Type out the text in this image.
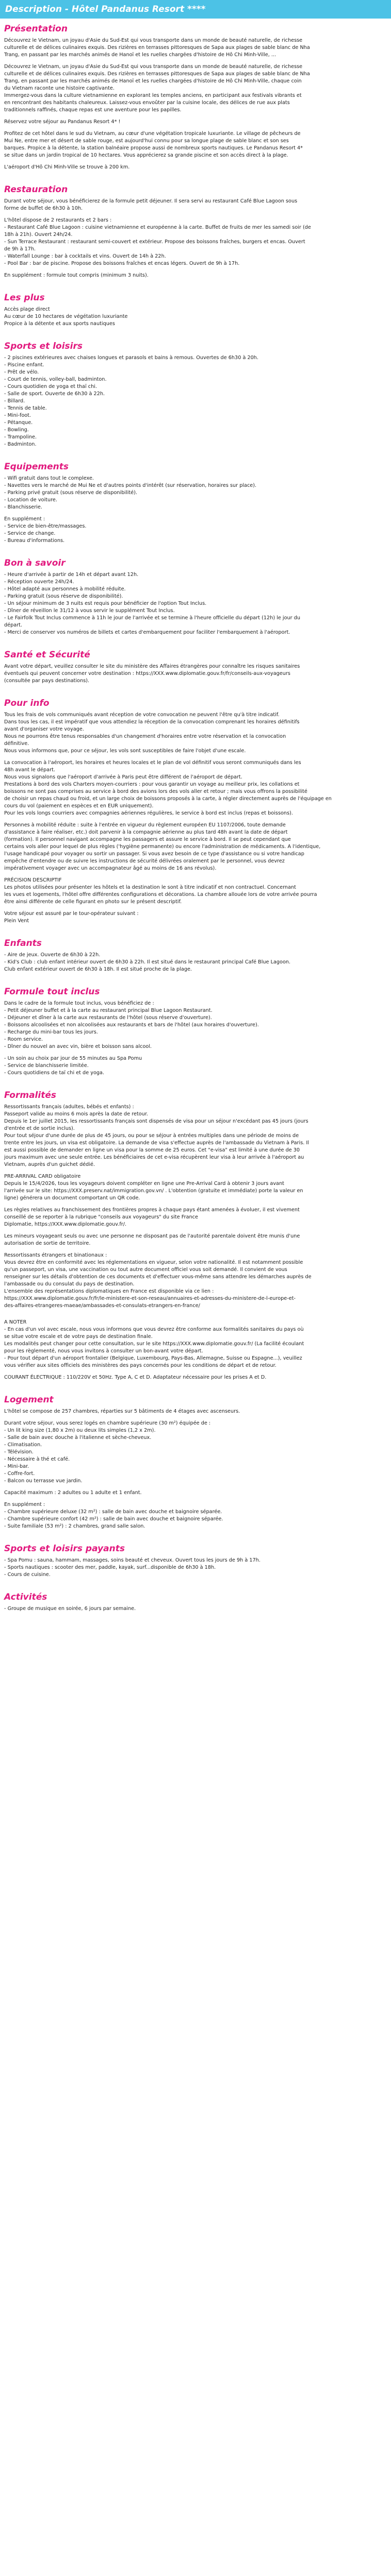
Description - Hôtel Pandanus Resort ****
Présentation

Découvrez le Vietnam, un joyau d'Asie du Sud-Est qui vous transporte dans un monde de beauté naturelle, de richesse

culturelle et de délices culinaires exquis. Des rizières en terrasses pittoresques de Sapa aux plages de sable blanc de Nha

Trang, en passant par les marchés animés de Hanoï et les ruelles chargées d'histoire de Hô Chi Minh-Ville, ...

Découvrez le Vietnam, un joyau d'Asie du Sud-Est qui vous transporte dans un monde de beauté naturelle, de richesse

culturelle et de délices culinaires exquis. Des rizières en terrasses pittoresques de Sapa aux plages de sable blanc de Nha

Trang, en passant par les marchés animés de Hanoï et les ruelles chargées d'histoire de Hô Chi Minh-Ville, chaque coin

du Vietnam raconte une histoire captivante.

Immergez-vous dans la culture vietnamienne en explorant les temples anciens, en participant aux festivals vibrants et

en rencontrant des habitants chaleureux. Laissez-vous envoûter par la cuisine locale, des délices de rue aux plats

traditionnels raffinés, chaque repas est une aventure pour les papilles.

Réservez votre séjour au Pandanus Resort 4* !

Profitez de cet hôtel dans le sud du Vietnam, au cœur d'une végétation tropicale luxuriante. Le village de pêcheurs de

Mui Ne, entre mer et désert de sable rouge, est aujourd'hui connu pour sa longue plage de sable blanc et son ses

barques. Propice à la détente, la station balnéaire propose aussi de nombreux sports nautiques. Le Pandanus Resort 4*

se situe dans un jardin tropical de 10 hectares. Vous apprécierez sa grande piscine et son accès direct à la plage.

L'aéroport d'Hô Chi Minh-Ville se trouve à 200 km.

Restauration

Durant votre séjour, vous bénéficierez de la formule petit déjeuner. Il sera servi au restaurant Café Blue Lagoon sous

forme de buffet de 6h30 à 10h.

L'hôtel dispose de 2 restaurants et 2 bars :

- Restaurant Café Blue Lagoon : cuisine vietnamienne et européenne à la carte. Buffet de fruits de mer les samedi soir (de

18h à 21h). Ouvert 24h/24.

- Sun Terrace Restaurant : restaurant semi-couvert et extérieur. Propose des boissons fraîches, burgers et encas. Ouvert

de 9h à 17h.

- Waterfall Lounge : bar à cocktails et vins. Ouvert de 14h à 22h.

- Pool Bar : bar de piscine. Propose des boissons fraîches et encas légers. Ouvert de 9h à 17h.

En supplément : formule tout compris (minimum 3 nuits).

Les plus

Accès plage direct

Au cœur de 10 hectares de végétation luxuriante

Propice à la détente et aux sports nautiques

Sports et loisirs

- 2 piscines extérieures avec chaises longues et parasols et bains à remous. Ouvertes de 6h30 à 20h.

- Piscine enfant.

- Prêt de vélo.

- Court de tennis, volley-ball, badminton.

- Cours quotidien de yoga et thaï chi.

- Salle de sport. Ouverte de 6h30 à 22h.

- Billard.

- Tennis de table.

- Mini-foot.

- Pétanque.

- Bowling.

- Trampoline.

- Badminton.

Equipements

- Wifi gratuit dans tout le complexe.

- Navettes vers le marché de Mui Ne et d'autres points d'intérêt (sur réservation, horaires sur place).

- Parking privé gratuit (sous réserve de disponibilité).

- Location de voiture.

- Blanchisserie.

En supplément :

- Service de bien-être/massages.

- Service de change.

- Bureau d'informations.

Bon à savoir

- Heure d'arrivée à partir de 14h et départ avant 12h.

- Réception ouverte 24h/24.

- Hôtel adapté aux personnes à mobilité réduite.

- Parking gratuit (sous réserve de disponibilité).

- Un séjour minimum de 3 nuits est requis pour bénéficier de l'option Tout Inclus.

- Dîner de réveillon le 31/12 à vous servir le supplément Tout Inclus.

- Le Fairfolk Tout Inclus commence à 11h le jour de l'arrivée et se termine à l'heure officielle du départ (12h) le jour du

départ.

- Merci de conserver vos numéros de billets et cartes d'embarquement pour faciliter l'embarquement à l'aéroport.

Santé et Sécurité

Avant votre départ, veuillez consulter le site du ministère des Affaires étrangères pour connaître les risques sanitaires

éventuels qui peuvent concerner votre destination : https://XXX.www.diplomatie.gouv.fr/fr/conseils-aux-voyageurs

(consultée par pays destinations).

Pour info

Tous les frais de vols communiqués avant réception de votre convocation ne peuvent l'être qu'à titre indicatif.

Dans tous les cas, il est impératif que vous attendiez la réception de la convocation comprenant les horaires définitifs

avant d'organiser votre voyage.

Nous ne pourrons être tenus responsables d'un changement d'horaires entre votre réservation et la convocation

définitive.

Nous vous informons que, pour ce séjour, les vols sont susceptibles de faire l'objet d'une escale.

La convocation à l'aéroport, les horaires et heures locales et le plan de vol définitif vous seront communiqués dans les

48h avant le départ.

Nous vous signalons que l'aéroport d'arrivée à Paris peut être différent de l'aéroport de départ.

Prestations à bord des vols Charters moyen-courriers : pour vous garantir un voyage au meilleur prix, les collations et

boissons ne sont pas comprises au service à bord des avions lors des vols aller et retour ; mais vous offrons la possibilité

de choisir un repas chaud ou froid, et un large choix de boissons proposés à la carte, à régler directement auprès de l'équipage en

cours du vol (paiement en espèces et en EUR uniquement).

Pour les vols longs courriers avec compagnies aériennes régulières, le service à bord est inclus (repas et boissons).

Personnes à mobilité réduite : suite à l'entrée en vigueur du règlement européen EU 1107/2006, toute demande

d'assistance à faire réaliser, etc.) doit parvenir à la compagnie aérienne au plus tard 48h avant la date de départ

(formation). Il personnel navigant accompagne les passagers et assure le service à bord. Il se peut cependant que

certains vols aller pour lequel de plus règles ('hygiène permanente) ou encore l'administration de médicaments. A l'identique,

l'usage handicapé pour voyager ou sortir un passager. Si vous avez besoin de ce type d'assistance ou si votre handicap

empêche d'entendre ou de suivre les instructions de sécurité délivrées oralement par le personnel, vous devrez

impérativement voyager avec un accompagnateur âgé au moins de 16 ans révolus).

PRÉCISION DESCRIPTIF

Les photos utilisées pour présenter les hôtels et la destination le sont à titre indicatif et non contractuel. Concernant

les vues et logements, l'hôtel offre différentes configurations et décorations. La chambre allouée lors de votre arrivée pourra

être ainsi différente de celle figurant en photo sur le présent descriptif.

Votre séjour est assuré par le tour-opérateur suivant :

Plein Vent

Enfants

- Aire de jeux. Ouverte de 6h30 à 22h.

- Kid's Club : club enfant intérieur ouvert de 6h30 à 22h. Il est situé dans le restaurant principal Café Blue Lagoon.

Club enfant extérieur ouvert de 6h30 à 18h. Il est situé proche de la plage.

Formule tout inclus

Dans le cadre de la formule tout inclus, vous bénéficiez de :

- Petit déjeuner buffet et à la carte au restaurant principal Blue Lagoon Restaurant.

- Déjeuner et dîner à la carte aux restaurants de l'hôtel (sous réserve d'ouverture).

- Boissons alcoolisées et non alcoolisées aux restaurants et bars de l'hôtel (aux horaires d'ouverture).

- Recharge du mini-bar tous les jours.

- Room service.

- Dîner du nouvel an avec vin, bière et boisson sans alcool.

- Un soin au choix par jour de 55 minutes au Spa Pomu

- Service de blanchisserie limitée.

- Cours quotidiens de taï chi et de yoga.

Formalités

Ressortissants français (adultes, bébés et enfants) :

Passeport valide au moins 6 mois après la date de retour.

Depuis le 1er juillet 2015, les ressortissants français sont dispensés de visa pour un séjour n'excédant pas 45 jours (jours

d'entrée et de sortie inclus).

Pour tout séjour d'une durée de plus de 45 jours, ou pour se séjour à entrées multiples dans une période de moins de

trente entre les jours, un visa est obligatoire. La demande de visa s'effectue auprès de l'ambassade du Vietnam à Paris. Il

est aussi possible de demander en ligne un visa pour la somme de 25 euros. Cet "e-visa" est limité à une durée de 30

jours maximum avec une seule entrée. Les bénéficiaires de cet e-visa récupèrent leur visa à leur arrivée à l'aéroport au

Vietnam, auprès d'un guichet dédié.

PRE-ARRIVAL CARD obligatoire

Depuis le 15/4/2026, tous les voyageurs doivent compléter en ligne une Pre-Arrival Card à obtenir 3 jours avant

l'arrivée sur le site: https://XXX.preserv.nat/immigration.gov.vn/ . L'obtention (gratuite et immédiate) porte la valeur en

ligne) générera un document comportant un QR code.

Les règles relatives au franchissement des frontières propres à chaque pays étant amenées à évoluer, il est vivement

conseillé de se reporter à la rubrique "conseils aux voyageurs" du site France

Diplomatie, https://XXX.www.diplomatie.gouv.fr/.

Les mineurs voyageant seuls ou avec une personne ne disposant pas de l'autorité parentale doivent être munis d'une

autorisation de sortie de territoire.

Ressortissants étrangers et binationaux :

Vous devrez être en conformité avec les réglementations en vigueur, selon votre nationalité. Il est notamment possible

qu'un passeport, un visa, une vaccination ou tout autre document officiel vous soit demandé. Il convient de vous

renseigner sur les détails d'obtention de ces documents et d'effectuer vous-même sans attendre les démarches auprès de

l'ambassade ou du consulat du pays de destination.

L'ensemble des représentations diplomatiques en France est disponible via ce lien :

https://XXX.www.diplomatie.gouv.fr/fr/le-ministere-et-son-reseau/annuaires-et-adresses-du-ministere-de-l-europe-et-

des-affaires-etrangeres-maeae/ambassades-et-consulats-etrangers-en-france/

A NOTER

- En cas d'un vol avec escale, nous vous informons que vous devrez être conforme aux formalités sanitaires du pays où

se situe votre escale et de votre pays de destination finale.

Les modalités peut changer pour cette consultation, sur le site https://XXX.www.diplomatie.gouv.fr/ (La facilité écoulant

pour les règlementé, nous vous invitons à consulter un bon-avant votre départ.

- Pour tout départ d'un aéroport frontalier (Belgique, Luxembourg, Pays-Bas, Allemagne, Suisse ou Espagne...), veuillez

vous vérifier aux sites officiels des ministères des pays concernés pour les conditions de départ et de retour.

COURANT ÉLECTRIQUE : 110/220V et 50Hz. Type A, C et D. Adaptateur nécessaire pour les prises A et D.

Logement

L'hôtel se compose de 257 chambres, réparties sur 5 bâtiments de 4 étages avec ascenseurs.

Durant votre séjour, vous serez logés en chambre supérieure (30 m²) équipée de :

- Un lit king size (1,80 x 2m) ou deux lits simples (1,2 x 2m).

- Salle de bain avec douche à l'italienne et sèche-cheveux.

- Climatisation.

- Télévision.

- Nécessaire à thé et café.

- Mini-bar.

- Coffre-fort.

- Balcon ou terrasse vue jardin.

Capacité maximum : 2 adultes ou 1 adulte et 1 enfant.

En supplément :

- Chambre supérieure deluxe (32 m²) : salle de bain avec douche et baignoire séparée.

- Chambre supérieure confort (42 m²) : salle de bain avec douche et baignoire séparée.

- Suite familiale (53 m²) : 2 chambres, grand salle salon.

Sports et loisirs payants

- Spa Pomu : sauna, hammam, massages, soins beauté et cheveux. Ouvert tous les jours de 9h à 17h.

- Sports nautiques : scooter des mer, paddle, kayak, surf...disponible de 6h30 à 18h.

- Cours de cuisine.

Activités

- Groupe de musique en soirée, 6 jours par semaine.
